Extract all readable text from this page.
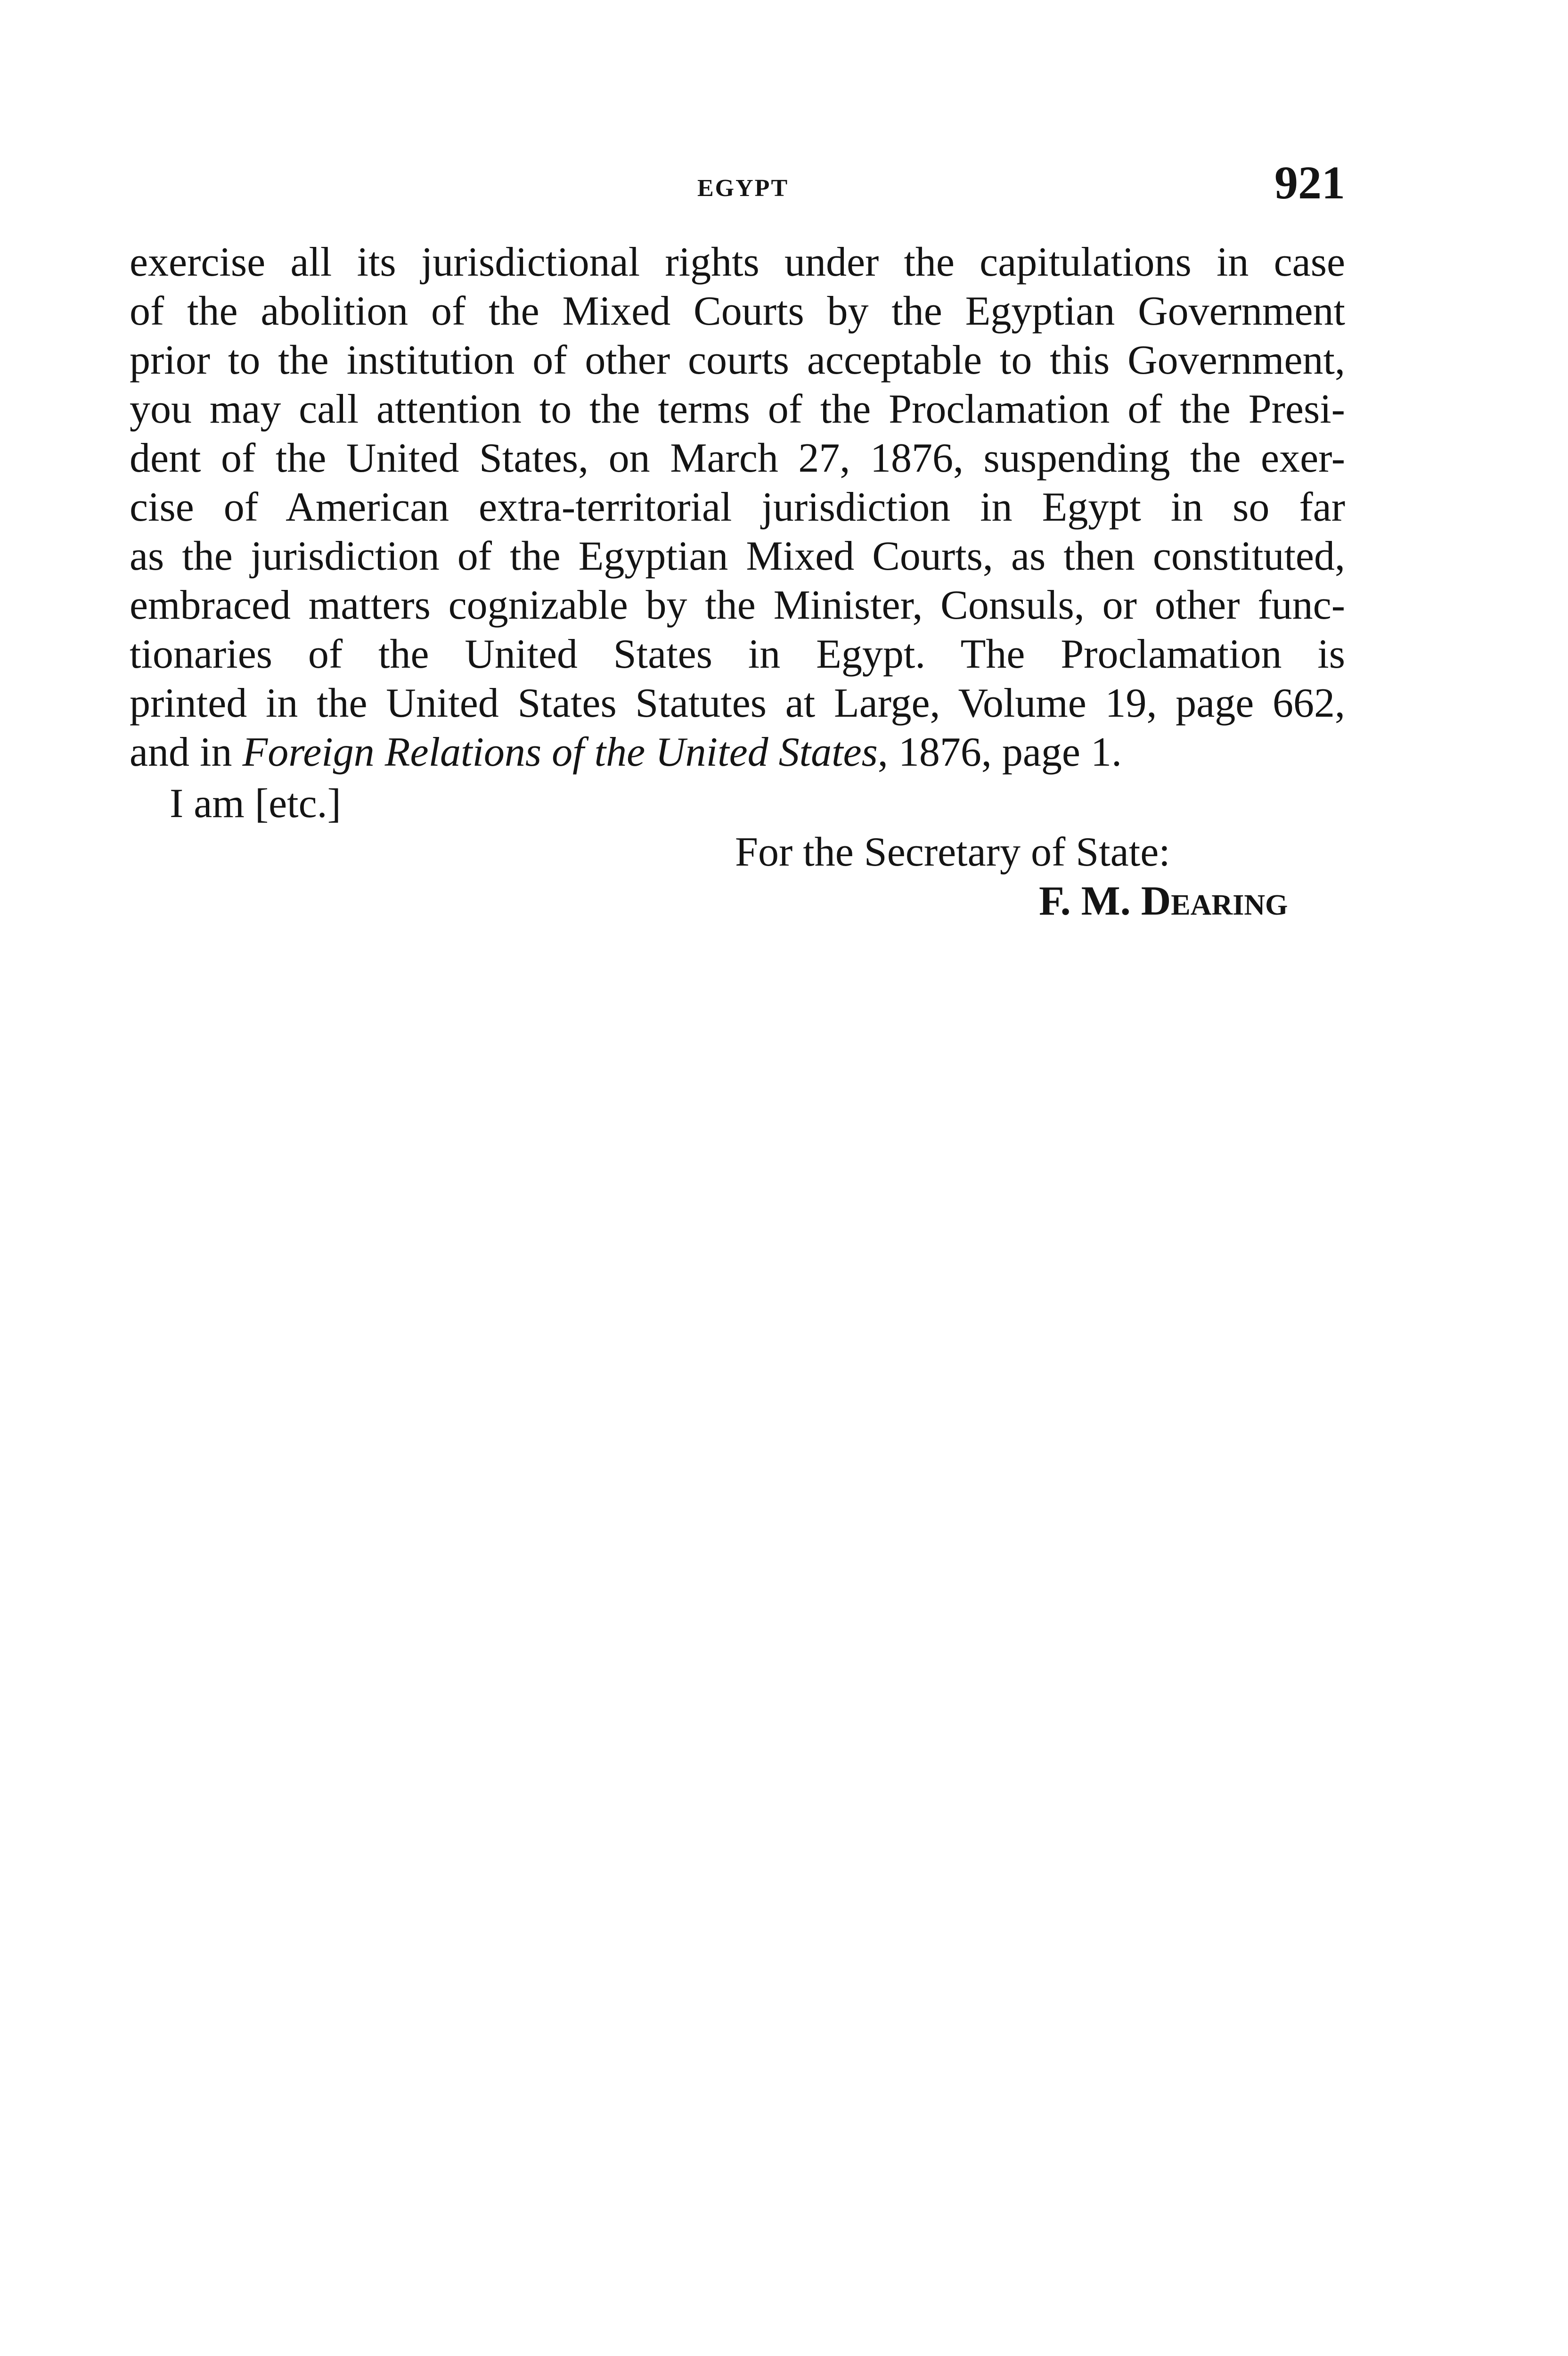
EGYPT	921
exercise all its jurisdictional rights under the capitulations in case
of the abolition of the Mixed Courts by the Egyptian Government
prior to the institution of other courts acceptable to this Government,
you may call attention to the terms of the Proclamation of the Presi-
dent of the United States, on March 27, 1876, suspending the exer-
cise of American extra-territorial jurisdiction in Egypt in so far
as the jurisdiction of the Egyptian Mixed Courts, as then constituted,
embraced matters cognizable by the Minister, Consuls, or other func-
tionaries of the United States in Egypt. The Proclamation is
printed in the United States Statutes at Large, Volume 19, page 662,
and in Foreign Relations of the United States, 1876, page 1.
I am [etc.]
For the Secretary of State:
F. M. Dearing
